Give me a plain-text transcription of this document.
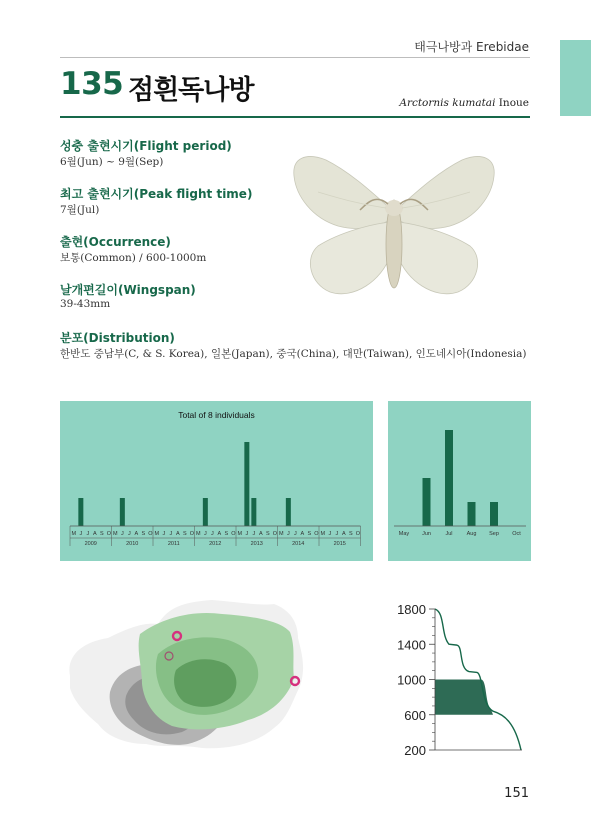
태극나방과 Erebidae
135 점흰독나방	Arctornis kumatai Inoue
성충 출현시기(Flight period)
6월(Jun) ~ 9월(Sep)
최고 출현시기(Peak flight time)
7월(Jul)
출현(Occurrence)
보통(Common) / 600-1000m
날개편길이(Wingspan)
39-43mm
분포(Distribution)
한반도 중남부(C, & S. Korea), 일본(Japan), 중국(China), 대만(Taiwan), 인도네시아(Indonesia)
Total of 8 individuals
M J J A S O
2009
M J J A S O
2010
M J J A S O
2011
M J J A S O
2012
M J J A S O
2013
M J J A S O
2014
M J J A S O
2015
May Jun	Jul	Aug Sep Oct
1800
1400
1000
600
200
151
